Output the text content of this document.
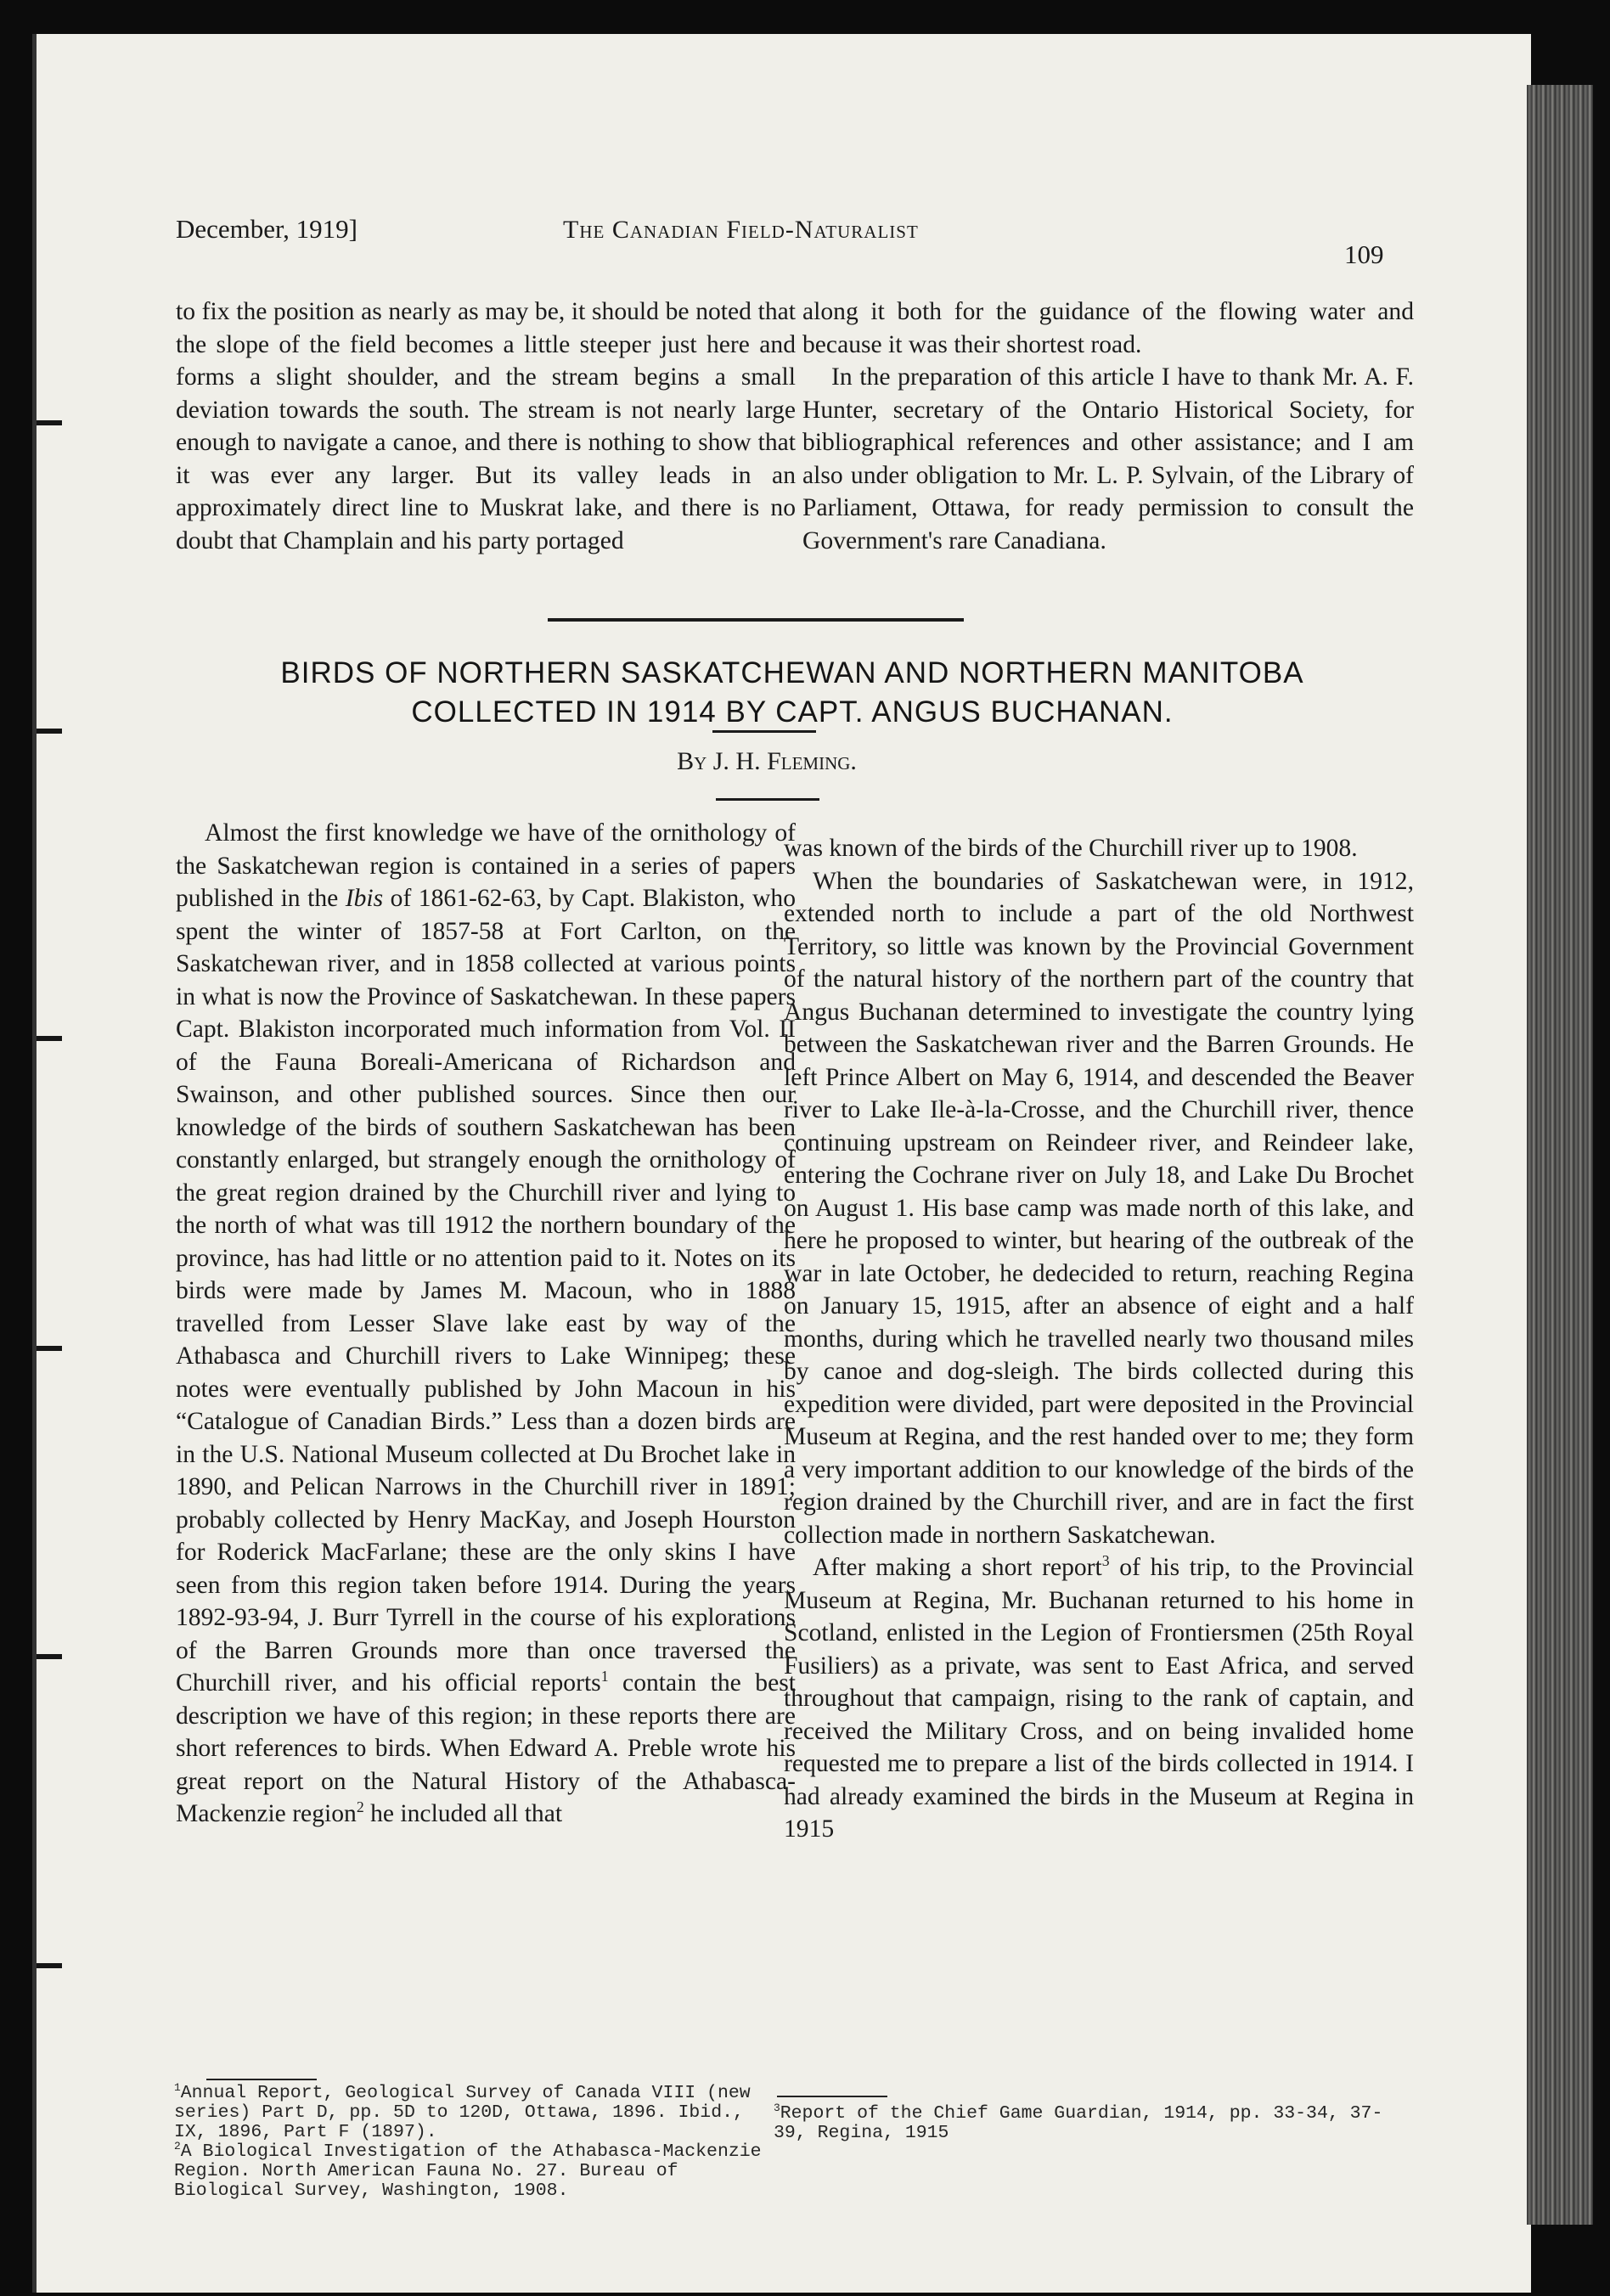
December, 1919]	The Canadian Field-Naturalist
109

to fix the position as nearly as may be, it should be noted that the slope of the field becomes a little steeper just here and forms a slight shoulder, and the stream begins a small deviation towards the south. The stream is not nearly large enough to navigate a canoe, and there is nothing to show that it was ever any larger. But its valley leads in an approximately direct line to Muskrat lake, and there is no doubt that Champlain and his party portaged

along it both for the guidance of the flowing water and because it was their shortest road.

In the preparation of this article I have to thank Mr. A. F. Hunter, secretary of the Ontario Historical Society, for bibliographical references and other assistance; and I am also under obligation to Mr. L. P. Sylvain, of the Library of Parliament, Ottawa, for ready permission to consult the Government's rare Canadiana.

BIRDS OF NORTHERN SASKATCHEWAN AND NORTHERN MANITOBA
COLLECTED IN 1914 BY CAPT. ANGUS BUCHANAN.
By J. H. Fleming.

Almost the first knowledge we have of the ornithology of the Saskatchewan region is contained in a series of papers published in the Ibis of 1861-62-63, by Capt. Blakiston, who spent the winter of 1857-58 at Fort Carlton, on the Saskatchewan river, and in 1858 collected at various points in what is now the Province of Saskatchewan. In these papers Capt. Blakiston incorporated much information from Vol. II of the Fauna Boreali-Americana of Richardson and Swainson, and other published sources. Since then our knowledge of the birds of southern Saskatchewan has been constantly enlarged, but strangely enough the ornithology of the great region drained by the Churchill river and lying to the north of what was till 1912 the northern boundary of the province, has had little or no attention paid to it. Notes on its birds were made by James M. Macoun, who in 1888 travelled from Lesser Slave lake east by way of the Athabasca and Churchill rivers to Lake Winnipeg; these notes were eventually published by John Macoun in his “Catalogue of Canadian Birds.” Less than a dozen birds are in the U.S. National Museum collected at Du Brochet lake in 1890, and Pelican Narrows in the Churchill river in 1891; probably collected by Henry MacKay, and Joseph Hourston for Roderick MacFarlane; these are the only skins I have seen from this region taken before 1914. During the years 1892-93-94, J. Burr Tyrrell in the course of his explorations of the Barren Grounds more than once traversed the Churchill river, and his official reports$^1$ contain the best description we have of this region; in these reports there are short references to birds. When Edward A. Preble wrote his great report on the Natural History of the Athabasca-Mackenzie region$^2$ he included all that

was known of the birds of the Churchill river up to 1908.

When the boundaries of Saskatchewan were, in 1912, extended north to include a part of the old Northwest Territory, so little was known by the Provincial Government of the natural history of the northern part of the country that Angus Buchanan determined to investigate the country lying between the Saskatchewan river and the Barren Grounds. He left Prince Albert on May 6, 1914, and descended the Beaver river to Lake Ile-à-la-Crosse, and the Churchill river, thence continuing upstream on Reindeer river, and Reindeer lake, entering the Cochrane river on July 18, and Lake Du Brochet on August 1. His base camp was made north of this lake, and here he proposed to winter, but hearing of the outbreak of the war in late October, he dedecided to return, reaching Regina on January 15, 1915, after an absence of eight and a half months, during which he travelled nearly two thousand miles by canoe and dog-sleigh. The birds collected during this expedition were divided, part were deposited in the Provincial Museum at Regina, and the rest handed over to me; they form a very important addition to our knowledge of the birds of the region drained by the Churchill river, and are in fact the first collection made in northern Saskatchewan.

After making a short report$^3$ of his trip, to the Provincial Museum at Regina, Mr. Buchanan returned to his home in Scotland, enlisted in the Legion of Frontiersmen (25th Royal Fusiliers) as a private, was sent to East Africa, and served throughout that campaign, rising to the rank of captain, and received the Military Cross, and on being invalided home requested me to prepare a list of the birds collected in 1914. I had already examined the birds in the Museum at Regina in 1915

$^1$Annual Report, Geological Survey of Canada VIII (new series) Part D, pp. 5D to 120D, Ottawa, 1896. Ibid., IX, 1896, Part F (1897).

$^2$A Biological Investigation of the Athabasca-Mackenzie Region. North American Fauna No. 27. Bureau of Biological Survey, Washington, 1908.

$^3$Report of the Chief Game Guardian, 1914, pp. 33-34, 37-39, Regina, 1915
